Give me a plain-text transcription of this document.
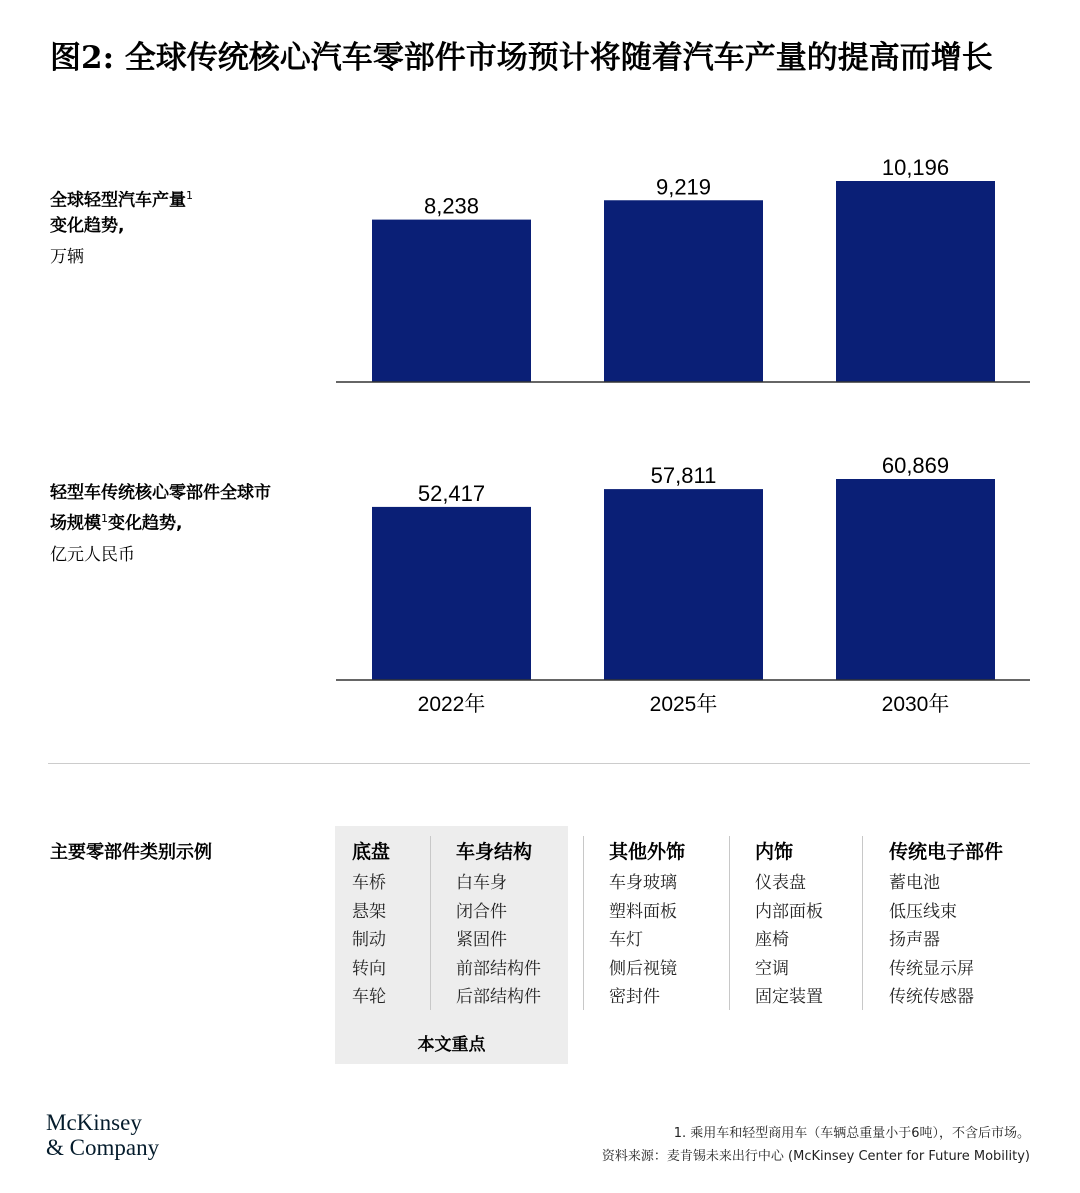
图2: 全球传统核心汽车零部件市场预计将随着汽车产量的提高而增长
全球轻型汽车产量$^1$
变化趋势,
万辆
8,238
9,219
10,196
轻型车传统核心零部件全球市场规模$^1$变化趋势,
亿元人民币
52,417
2022年
57,811
2025年
60,869
2030年
主要零部件类别示例
本文重点
底盘
车桥
悬架
制动
转向
车轮
车身结构
白车身
闭合件
紧固件
前部结构件
后部结构件
其他外饰
车身玻璃
塑料面板
车灯
侧后视镜
密封件
内饰
仪表盘
内部面板
座椅
空调
固定装置
传统电子部件
蓄电池
低压线束
扬声器
传统显示屏
传统传感器
McKinsey
& Company
1. 乘用车和轻型商用车（车辆总重量小于6吨），不含后市场。
资料来源：麦肯锡未来出行中心 (McKinsey Center for Future Mobility)
